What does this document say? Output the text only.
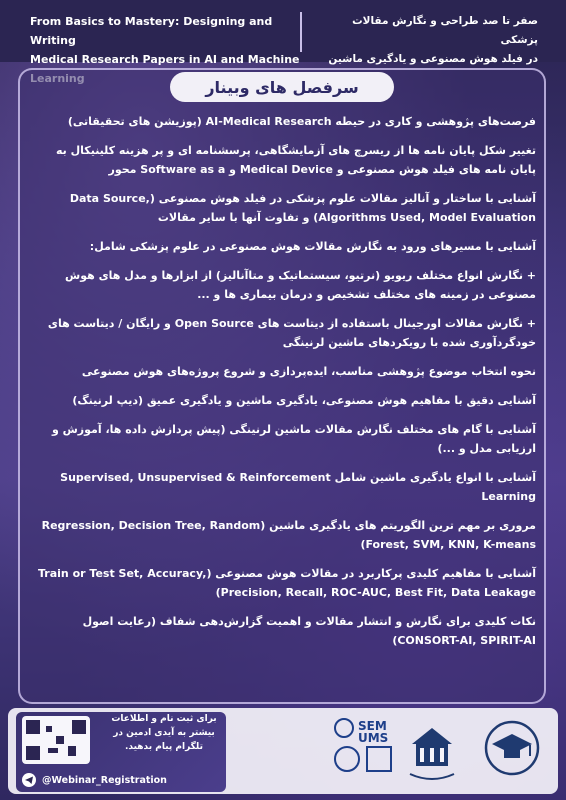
From Basics to Mastery: Designing and Writing
Medical Research Papers in AI and Machine
صفر تا صد طراحی و نگارش مقالات پزشکی
در فیلد هوش مصنوعی و یادگیری ماشین
سرفصل های وبینار
فرصت‌های پژوهشی و کاری در حیطه AI-Medical Research (پوزیشن های تحقیقاتی)
تغییر شکل پایان نامه ها از ریسرچ های آزمایشگاهی، پرسشنامه ای و پر هزینه کلینیکال به پایان نامه های فیلد هوش مصنوعی و Medical Device و Software as a محور
آشنایی با ساختار و آنالیز مقالات علوم پزشکی در فیلد هوش مصنوعی (Data Source, Algorithms Used, Model Evaluation) و تفاوت آنها با سایر مقالات
آشنایی با مسیرهای ورود به نگارش مقالات هوش مصنوعی در علوم پزشکی شامل:
+ نگارش انواع مختلف ریویو (نرتیو، سیستماتیک و متاآنالیز) از ابزارها و مدل های هوش مصنوعی در زمینه های مختلف تشخیص و درمان بیماری ها و ...
+ نگارش مقالات اورجینال باستفاده از دیتاست های Open Source و رایگان / دیتاست های خودگردآوری شده با رویکردهای ماشین لرنینگی
نحوه انتخاب موضوع پژوهشی مناسب، ایده‌پردازی و شروع پروژه‌های هوش مصنوعی
آشنایی دقیق با مفاهیم هوش مصنوعی، یادگیری ماشین و یادگیری عمیق (دیپ لرنینگ)
آشنایی با گام های مختلف نگارش مقالات ماشین لرنینگی (پیش پردازش داده ها، آموزش و ارزیابی مدل و ...)
آشنایی با انواع یادگیری ماشین شامل Supervised, Unsupervised & Reinforcement Learning
مروری بر مهم ترین الگوریتم های یادگیری ماشین (Regression, Decision Tree, Random Forest, SVM, KNN, K-means)
آشنایی با مفاهیم کلیدی پرکاربرد در مقالات هوش مصنوعی (Train or Test Set, Accuracy, Precision, Recall, ROC-AUC, Best Fit, Data Leakage)
نکات کلیدی برای نگارش و انتشار مقالات و اهمیت گزارش‌دهی شفاف (رعایت اصول CONSORT-AI, SPIRIT-AI)
برای ثبت نام و اطلاعات
بیشتر به آیدی ادمین در
تلگرام پیام بدهید.
@Webinar_Registration
SEM
UMS
